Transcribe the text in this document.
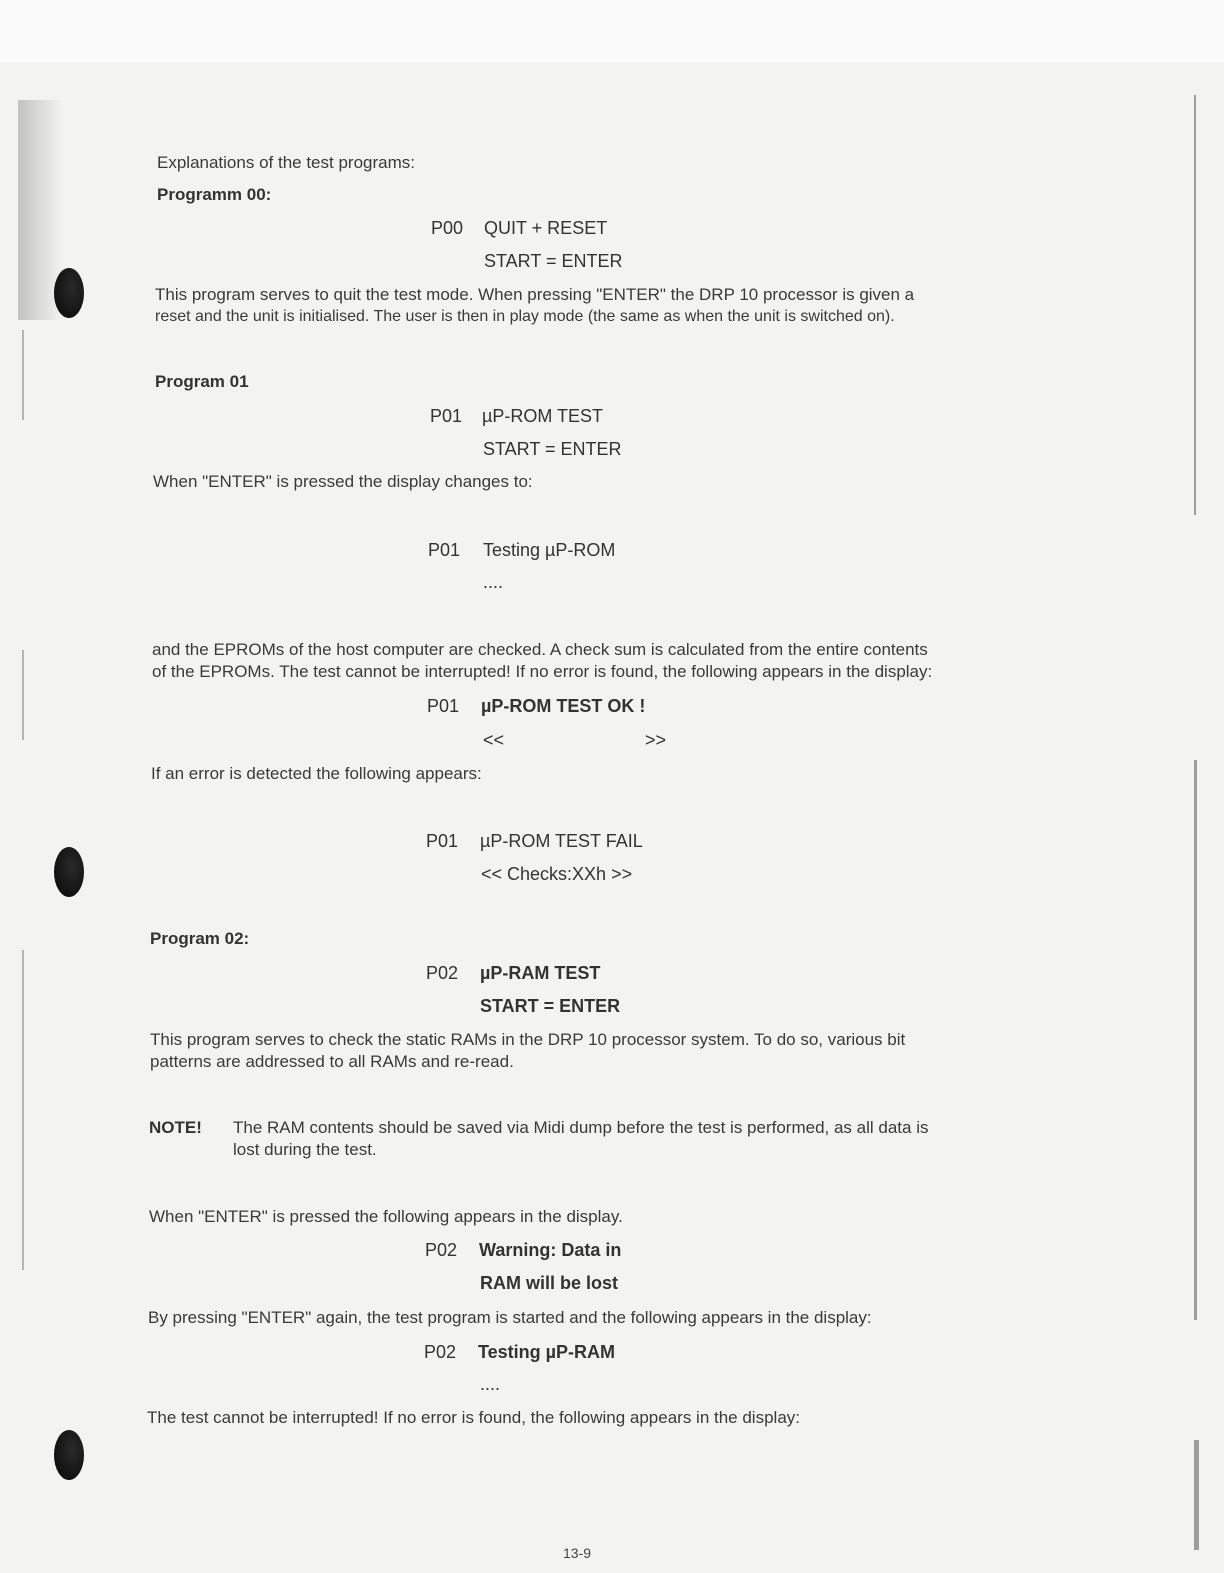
Explanations of the test programs:
Programm 00:
P00 QUIT + RESET
START = ENTER
This program serves to quit the test mode. When pressing "ENTER" the DRP 10 processor is given a
reset and the unit is initialised. The user is then in play mode (the same as when the unit is switched on).
Program 01
P01 µP-ROM TEST
START = ENTER
When "ENTER" is pressed the display changes to:
P01 Testing µP-ROM
....
and the EPROMs of the host computer are checked. A check sum is calculated from the entire contents
of the EPROMs. The test cannot be interrupted! If no error is found, the following appears in the display:
P01 µP-ROM TEST OK !
<<	>>
If an error is detected the following appears:
P01 µP-ROM TEST FAIL
<< Checks:XXh >>
Program 02:
P02 µP-RAM TEST
START = ENTER
This program serves to check the static RAMs in the DRP 10 processor system. To do so, various bit
patterns are addressed to all RAMs and re-read.
NOTE! The RAM contents should be saved via Midi dump before the test is performed, as all data is
lost during the test.
When "ENTER" is pressed the following appears in the display.
P02 Warning: Data in
RAM will be lost
By pressing "ENTER" again, the test program is started and the following appears in the display:
P02 Testing µP-RAM
....
The test cannot be interrupted! If no error is found, the following appears in the display:
13-9
